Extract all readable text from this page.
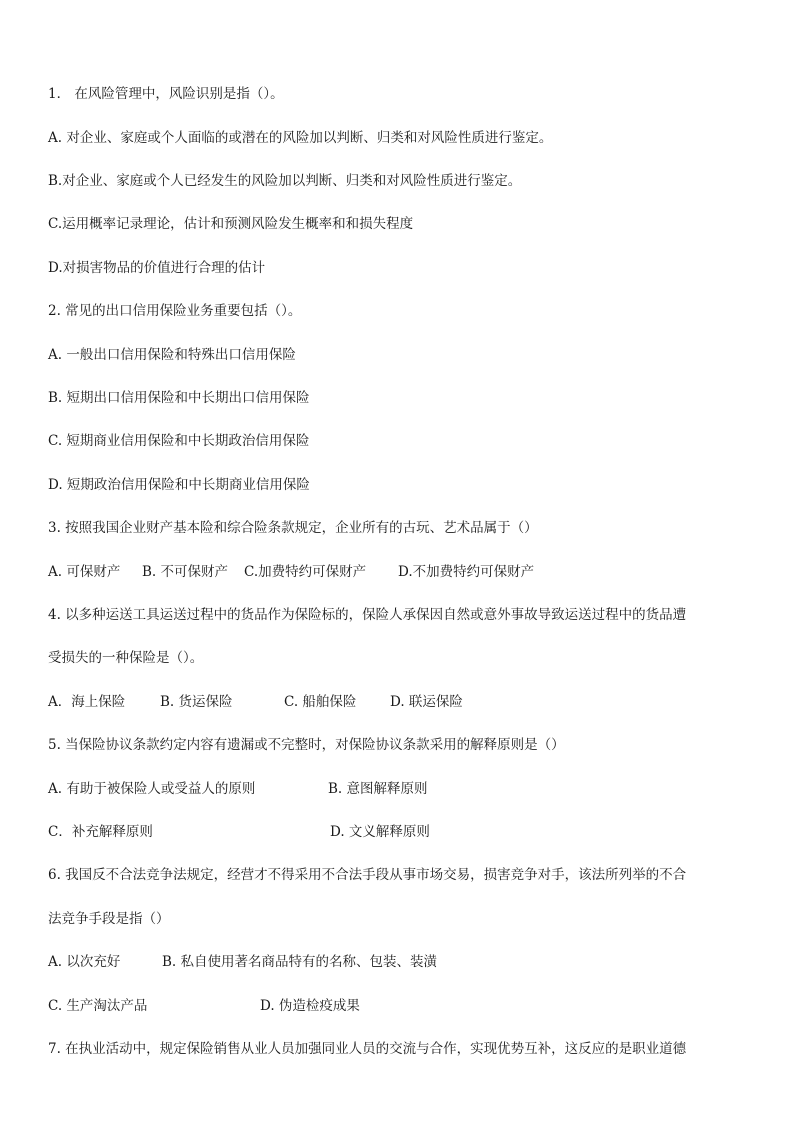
1． 在风险管理中，风险识别是指（）。
A. 对企业、家庭或个人面临的或潜在的风险加以判断、归类和对风险性质进行鉴定。
B.对企业、家庭或个人已经发生的风险加以判断、归类和对风险性质进行鉴定。
C.运用概率记录理论，估计和预测风险发生概率和和损失程度
D.对损害物品的价值进行合理的估计
2. 常见的出口信用保险业务重要包括（）。
A. 一般出口信用保险和特殊出口信用保险
B. 短期出口信用保险和中长期出口信用保险
C. 短期商业信用保险和中长期政治信用保险
D. 短期政治信用保险和中长期商业信用保险
3. 按照我国企业财产基本险和综合险条款规定，企业所有的古玩、艺术品属于（）
A. 可保财产 B. 不可保财产 C.加费特约可保财产 D.不加费特约可保财产
4. 以多种运送工具运送过程中的货品作为保险标的，保险人承保因自然或意外事故导致运送过程中的货品遭
受损失的一种保险是（）。
A．海上保险	B. 货运保险	C. 船舶保险 D. 联运保险
5. 当保险协议条款约定内容有遗漏或不完整时，对保险协议条款采用的解释原则是（）
A. 有助于被保险人或受益人的原则	B. 意图解释原则
C．补充解释原则	D. 文义解释原则
6. 我国反不合法竞争法规定，经营才不得采用不合法手段从事市场交易，损害竞争对手，该法所列举的不合
法竞争手段是指（）
A. 以次充好	B. 私自使用著名商品特有的名称、包装、装潢
C. 生产淘汰产品	D. 伪造检疫成果
7. 在执业活动中，规定保险销售从业人员加强同业人员的交流与合作，实现优势互补，这反应的是职业道德
